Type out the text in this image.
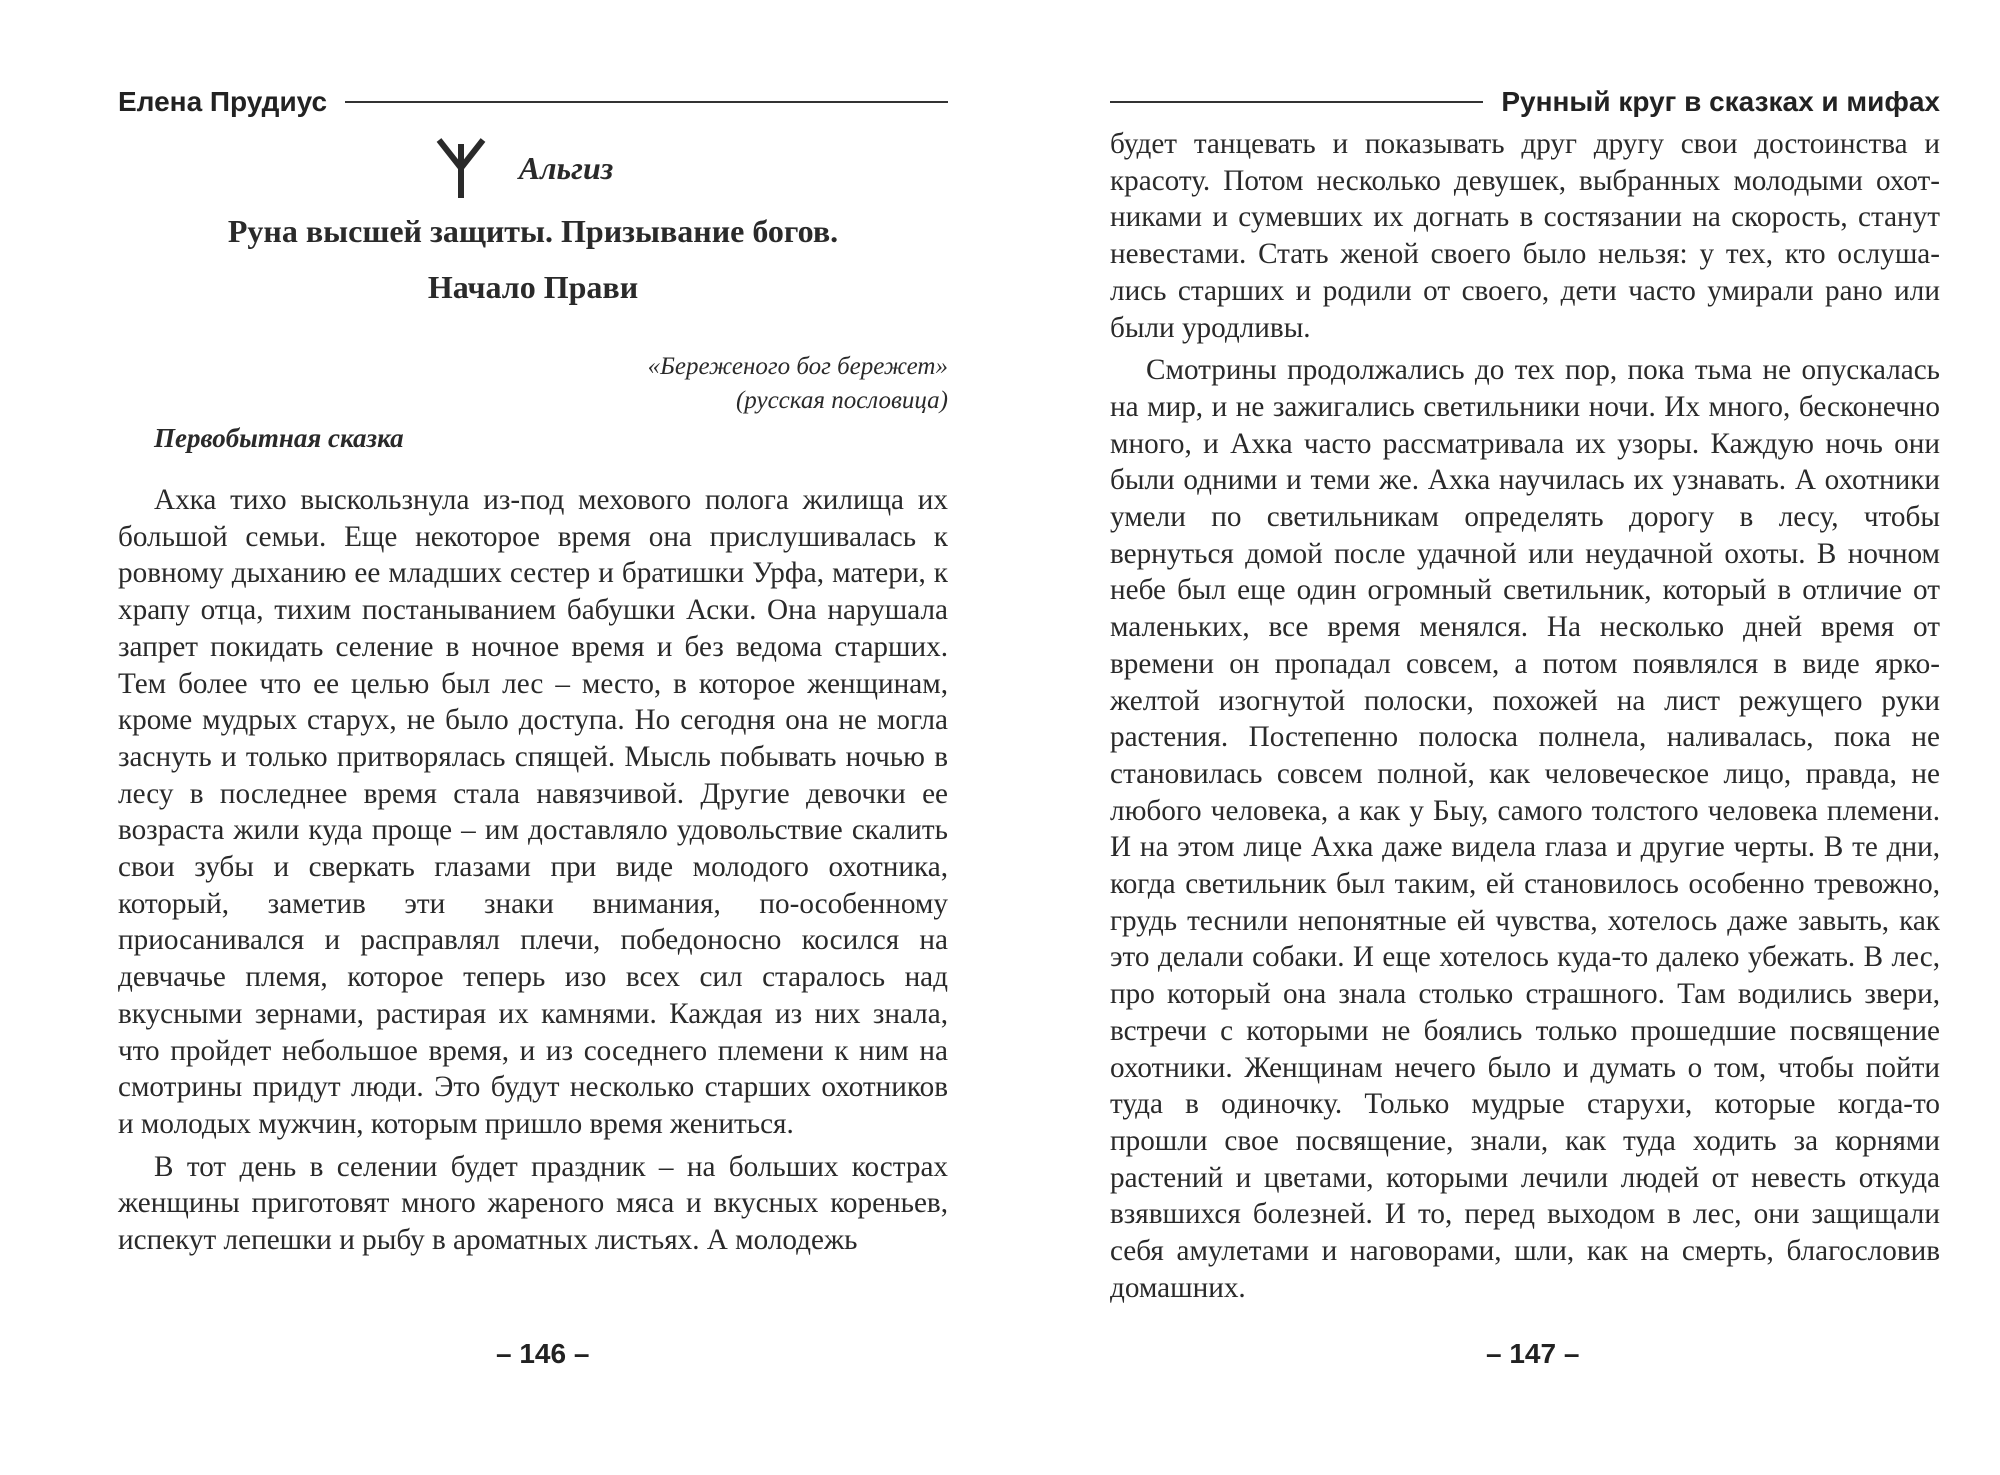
Елена Прудиус
Альгиз
Руна высшей защиты. Призывание богов.
Начало Прави
«Береженого бог бережет»
(русская пословица)
Первобытная сказка

Ахка тихо выскользнула из-под мехового полога жилища их большой семьи. Еще некоторое время она прислушивалась к ровному дыханию ее младших сестер и братишки Урфа, матери, к храпу отца, тихим постаныванием бабушки Аски. Она нарушала запрет покидать селение в ночное время и без ведома старших. Тем более что ее целью был лес – место, в которое женщинам, кроме мудрых старух, не было доступа. Но сегодня она не могла заснуть и только притворялась спящей. Мысль побывать ночью в лесу в последнее время стала навязчивой. Другие девочки ее возраста жили куда проще – им доставляло удовольствие скалить свои зубы и сверкать глазами при виде молодого охотника, который, заметив эти знаки внимания, по-особенному приосанивался и расправлял плечи, победоносно косился на девчачье племя, которое теперь изо всех сил старалось над вкусными зернами, растирая их камнями. Каждая из них знала, что пройдет небольшое время, и из соседнего племени к ним на смотрины придут люди. Это будут несколько старших охотников и молодых мужчин, которым пришло время жениться.

В тот день в селении будет праздник – на больших кострах женщины приготовят много жареного мяса и вкусных кореньев, испекут лепешки и рыбу в ароматных листьях. А молодежь

– 146 –
Рунный круг в сказках и мифах

будет танцевать и показывать друг другу свои достоинства и красоту. Потом несколько девушек, выбранных молодыми охотниками и сумевших их догнать в состязании на скорость, станут невестами. Стать женой своего было нельзя: у тех, кто ослушались старших и родили от своего, дети часто умирали рано или были уродливы.

Смотрины продолжались до тех пор, пока тьма не опускалась на мир, и не зажигались светильники ночи. Их много, бесконечно много, и Ахка часто рассматривала их узоры. Каждую ночь они были одними и теми же. Ахка научилась их узнавать. А охотники умели по светильникам определять дорогу в лесу, чтобы вернуться домой после удачной или неудачной охоты. В ночном небе был еще один огромный светильник, который в отличие от маленьких, все время менялся. На несколько дней время от времени он пропадал совсем, а потом появлялся в виде ярко-желтой изогнутой полоски, похожей на лист режущего руки растения. Постепенно полоска полнела, наливалась, пока не становилась совсем полной, как человеческое лицо, правда, не любого человека, а как у Быу, самого толстого человека племени. И на этом лице Ахка даже видела глаза и другие черты. В те дни, когда светильник был таким, ей становилось особенно тревожно, грудь теснили непонятные ей чувства, хотелось даже завыть, как это делали собаки. И еще хотелось куда-то далеко убежать. В лес, про который она знала столько страшного. Там водились звери, встречи с которыми не боялись только прошедшие посвящение охотники. Женщинам нечего было и думать о том, чтобы пойти туда в одиночку. Только мудрые старухи, которые когда-то прошли свое посвящение, знали, как туда ходить за корнями растений и цветами, которыми лечили людей от невесть откуда взявшихся болезней. И то, перед выходом в лес, они защищали себя амулетами и наговорами, шли, как на смерть, благословив домашних.

– 147 –
